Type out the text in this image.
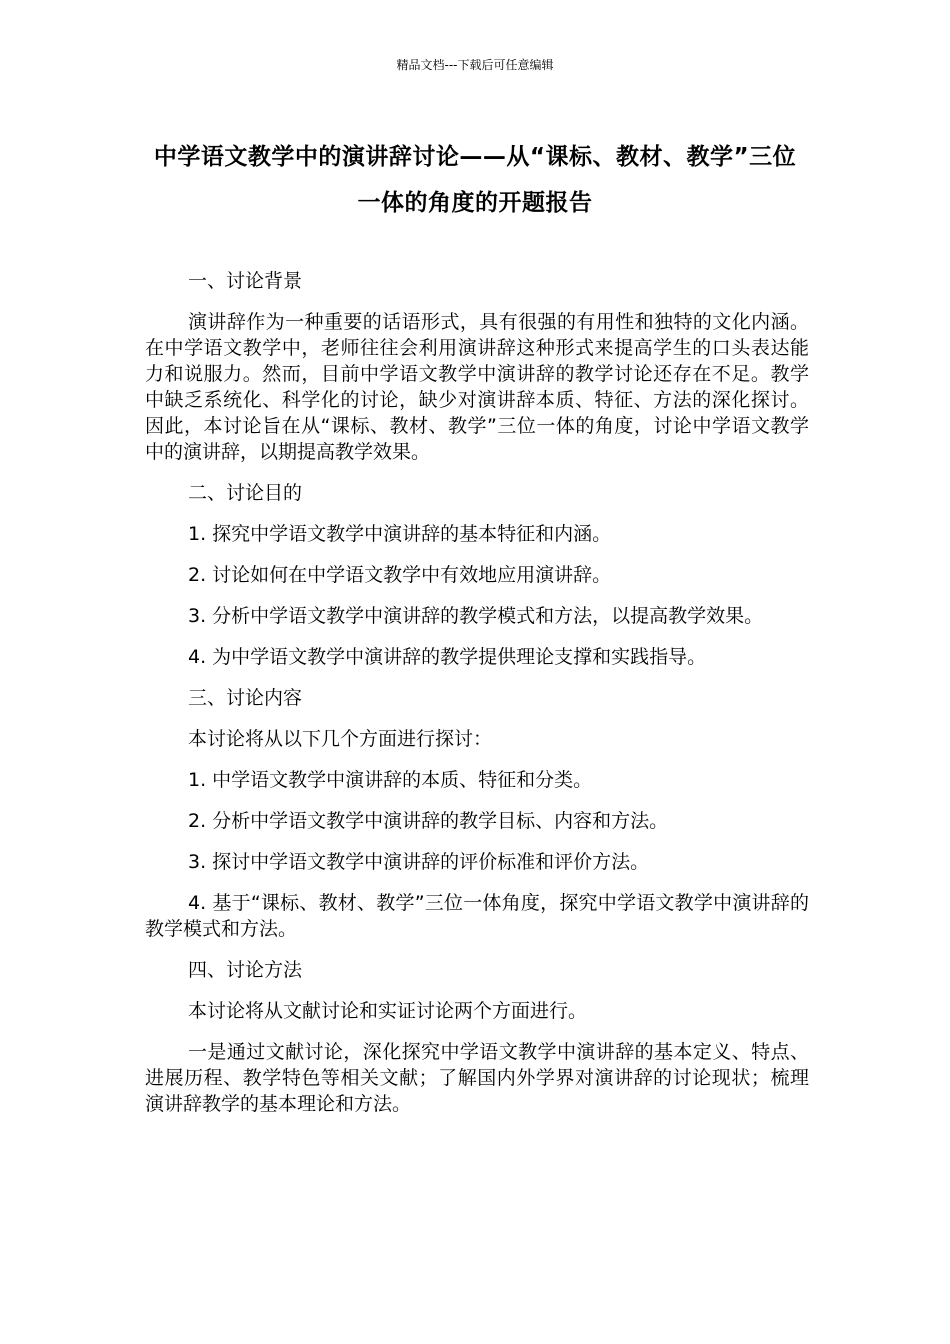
精品文档---下载后可任意编辑
中学语文教学中的演讲辞讨论——从“课标、教材、教学”三位一体的角度的开题报告

一、讨论背景

演讲辞作为一种重要的话语形式，具有很强的有用性和独特的文化内涵。在中学语文教学中，老师往往会利用演讲辞这种形式来提高学生的口头表达能力和说服力。然而，目前中学语文教学中演讲辞的教学讨论还存在不足。教学中缺乏系统化、科学化的讨论，缺少对演讲辞本质、特征、方法的深化探讨。因此，本讨论旨在从“课标、教材、教学”三位一体的角度，讨论中学语文教学中的演讲辞，以期提高教学效果。

二、讨论目的

1. 探究中学语文教学中演讲辞的基本特征和内涵。

2. 讨论如何在中学语文教学中有效地应用演讲辞。

3. 分析中学语文教学中演讲辞的教学模式和方法，以提高教学效果。

4. 为中学语文教学中演讲辞的教学提供理论支撑和实践指导。

三、讨论内容

本讨论将从以下几个方面进行探讨：

1. 中学语文教学中演讲辞的本质、特征和分类。

2. 分析中学语文教学中演讲辞的教学目标、内容和方法。

3. 探讨中学语文教学中演讲辞的评价标准和评价方法。

4. 基于“课标、教材、教学”三位一体角度，探究中学语文教学中演讲辞的教学模式和方法。

四、讨论方法

本讨论将从文献讨论和实证讨论两个方面进行。

一是通过文献讨论，深化探究中学语文教学中演讲辞的基本定义、特点、进展历程、教学特色等相关文献；了解国内外学界对演讲辞的讨论现状；梳理演讲辞教学的基本理论和方法。
